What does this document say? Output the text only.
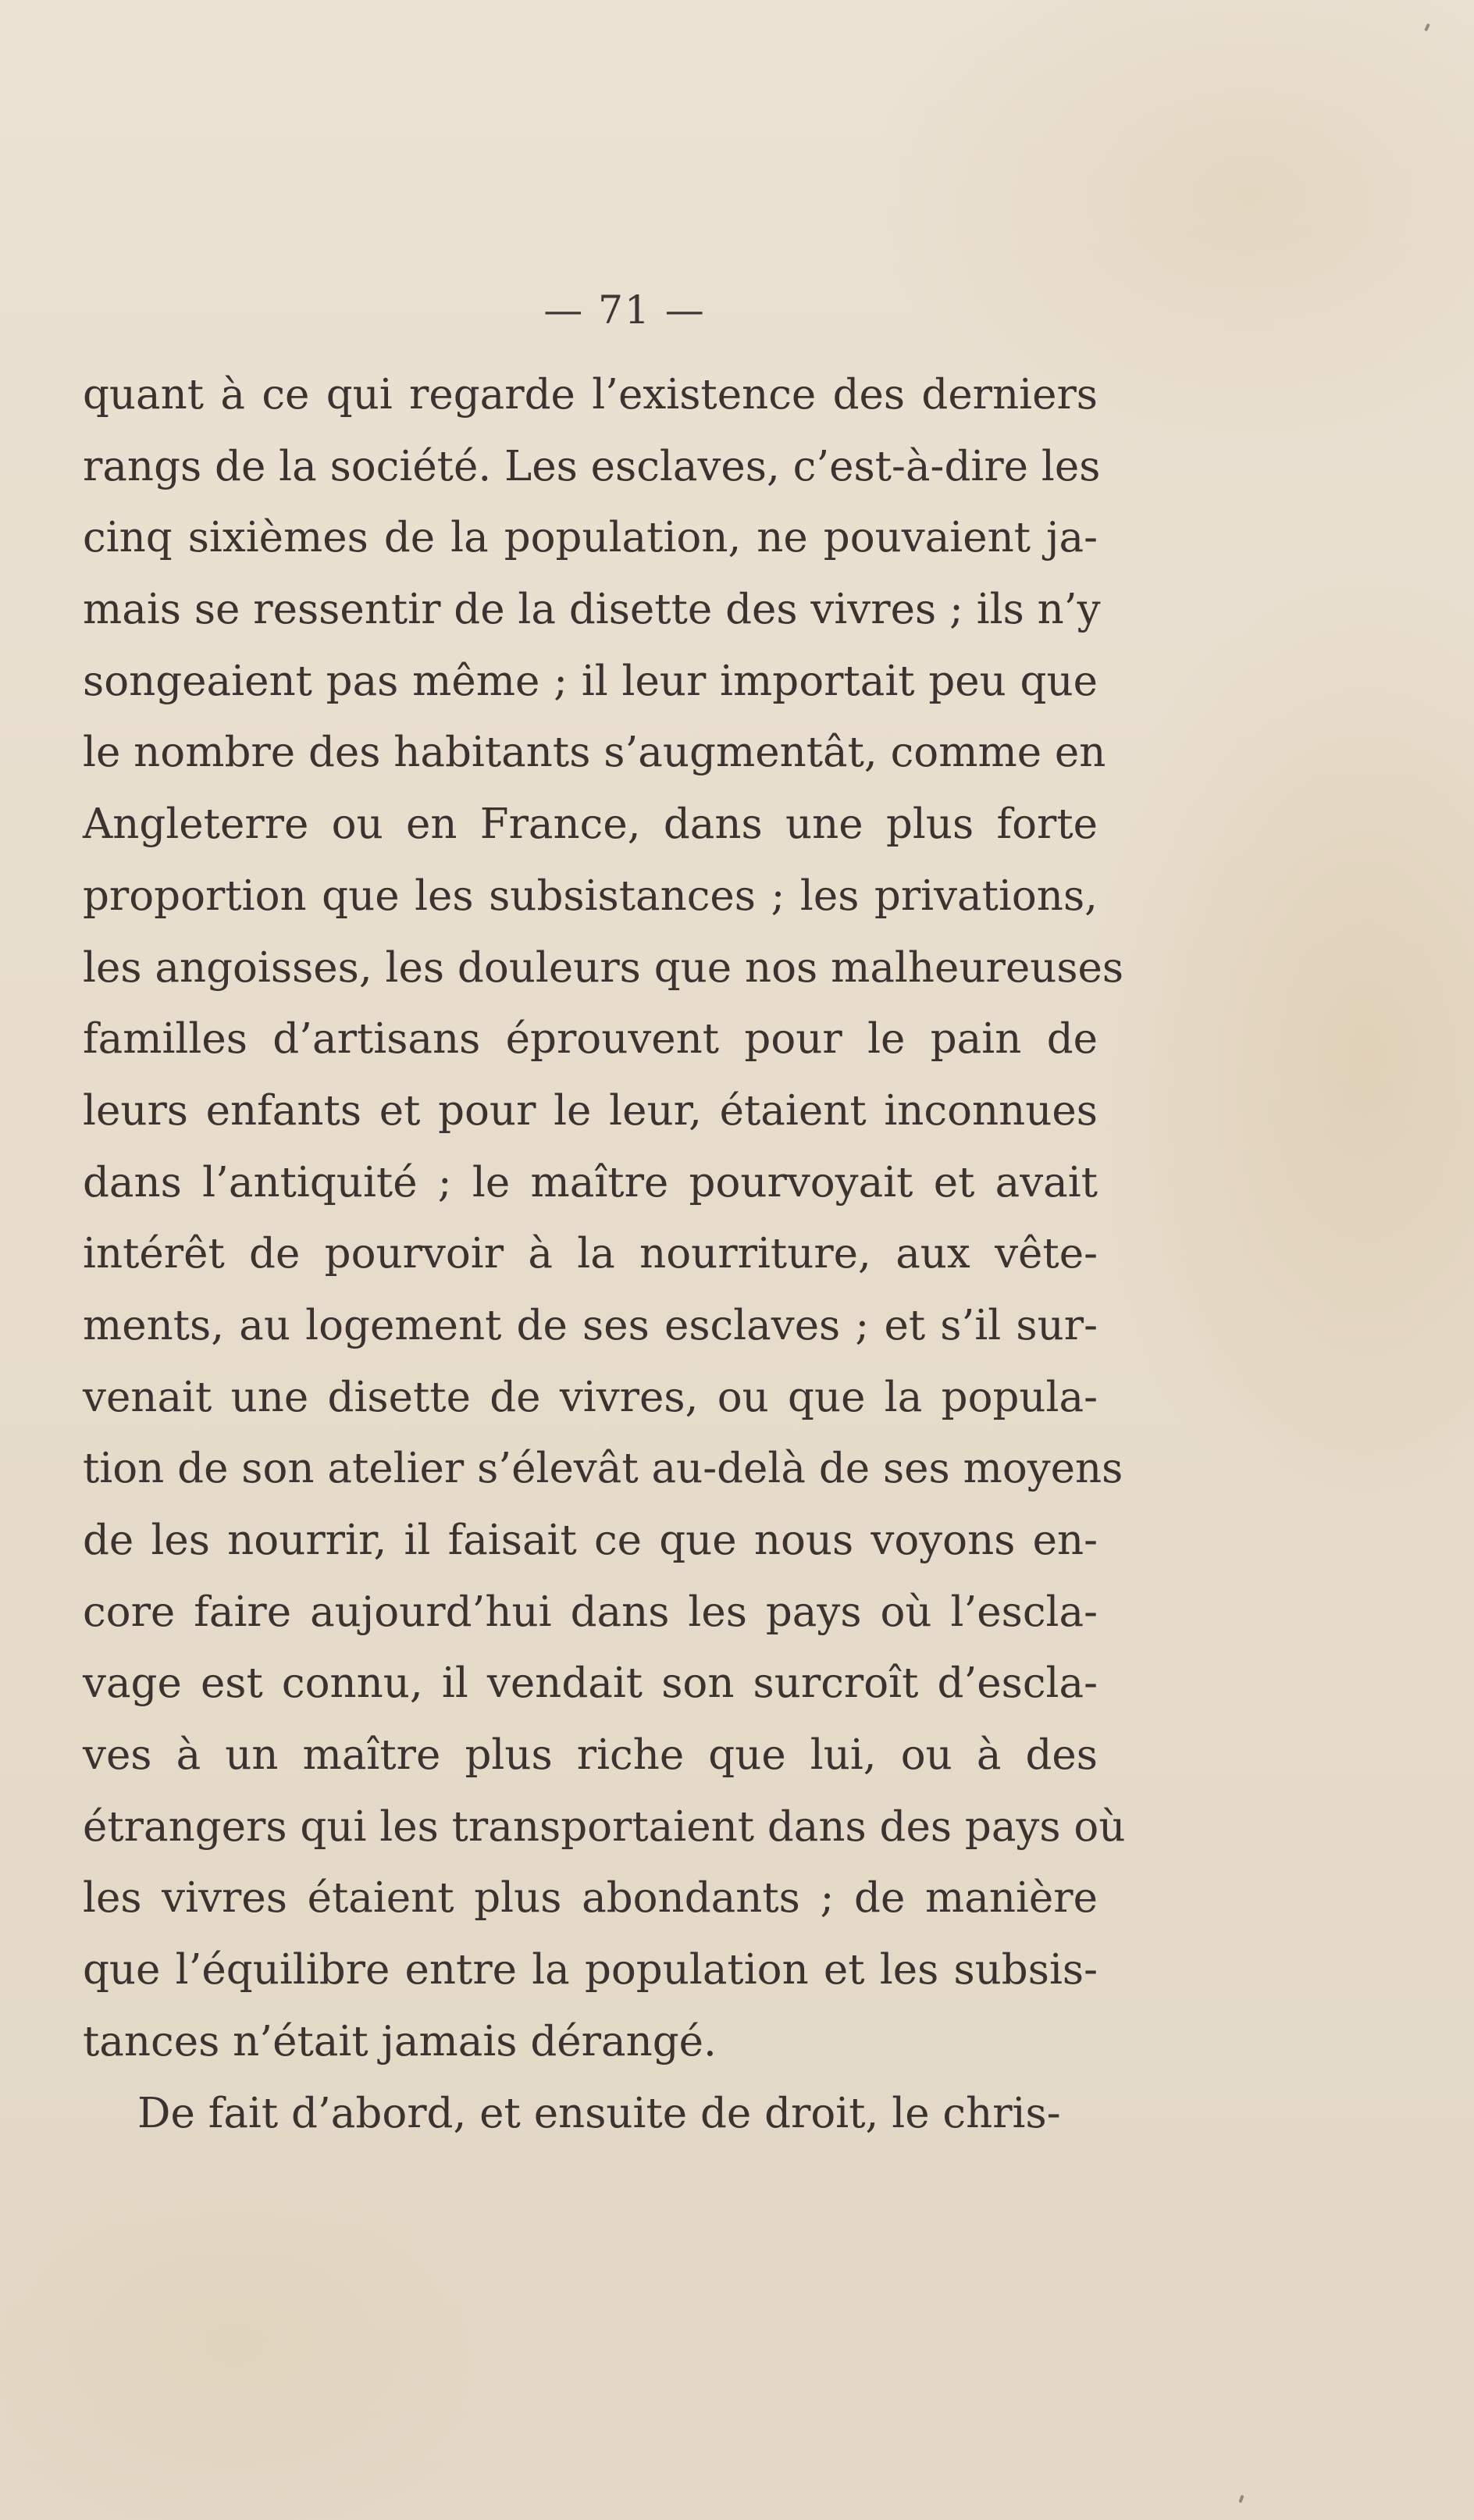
— 71 —
quant à ce qui regarde l’existence des derniers
rangs de la société. Les esclaves, c’est-à-dire les
cinq sixièmes de la population, ne pouvaient ja-
mais se ressentir de la disette des vivres ; ils n’y
songeaient pas même ; il leur importait peu que
le nombre des habitants s’augmentât, comme en
Angleterre ou en France, dans une plus forte
proportion que les subsistances ; les privations,
les angoisses, les douleurs que nos malheureuses
familles d’artisans éprouvent pour le pain de
leurs enfants et pour le leur, étaient inconnues
dans l’antiquité ; le maître pourvoyait et avait
intérêt de pourvoir à la nourriture, aux vête-
ments, au logement de ses esclaves ; et s’il sur-
venait une disette de vivres, ou que la popula-
tion de son atelier s’élevât au-delà de ses moyens
de les nourrir, il faisait ce que nous voyons en-
core faire aujourd’hui dans les pays où l’escla-
vage est connu, il vendait son surcroît d’escla-
ves à un maître plus riche que lui, ou à des
étrangers qui les transportaient dans des pays où
les vivres étaient plus abondants ; de manière
que l’équilibre entre la population et les subsis-
tances n’était jamais dérangé.
De fait d’abord, et ensuite de droit, le chris-
